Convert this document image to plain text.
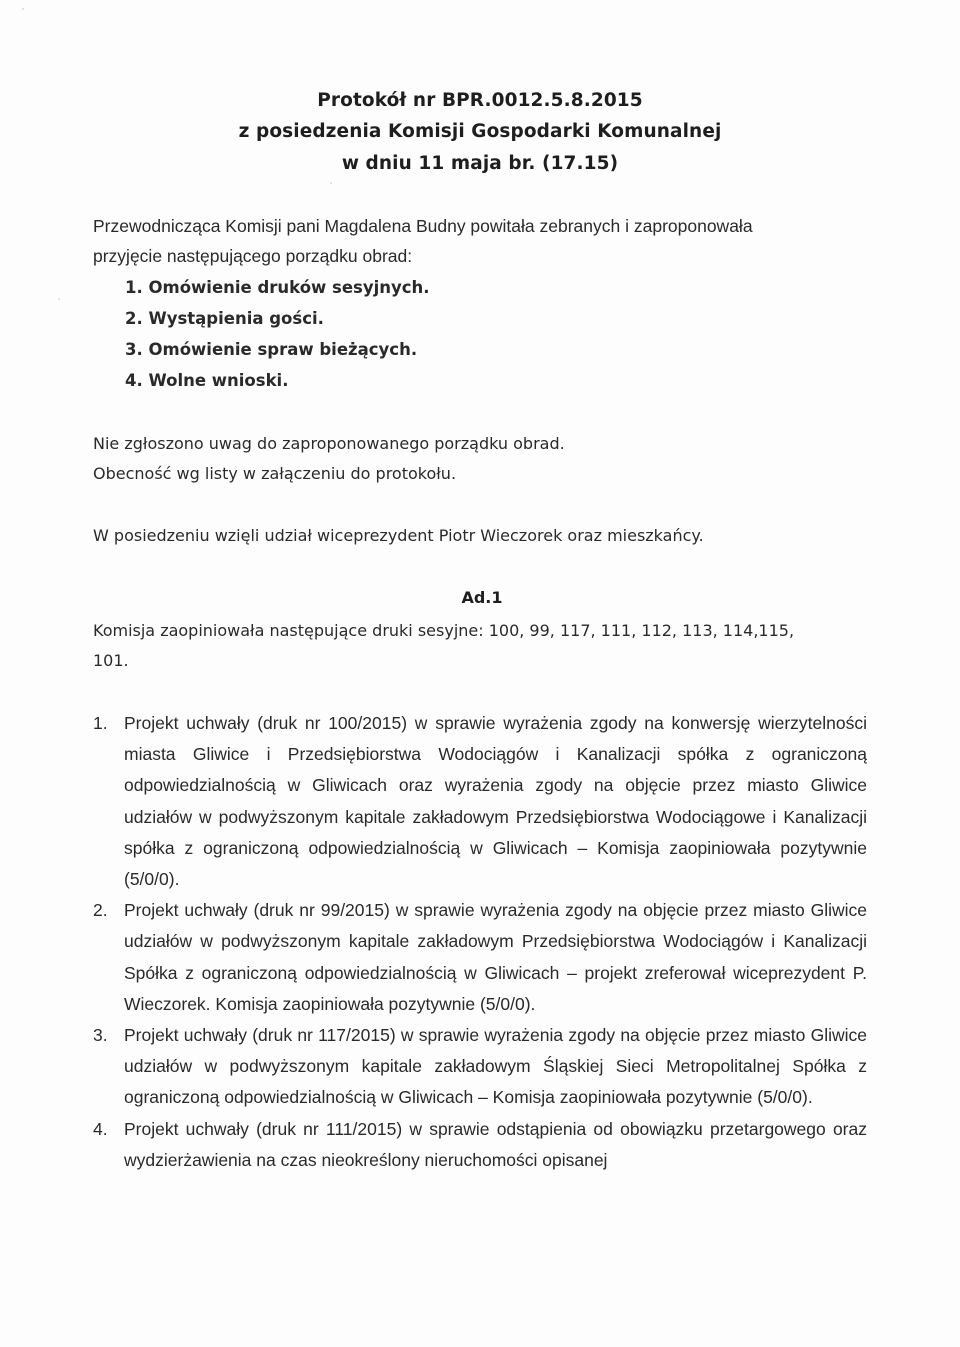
Protokół nr BPR.0012.5.8.2015
z posiedzenia Komisji Gospodarki Komunalnej
w dniu 11 maja br. (17.15)
Przewodnicząca Komisji pani Magdalena Budny powitała zebranych i zaproponowała
przyjęcie następującego porządku obrad:
1. Omówienie druków sesyjnych.
2. Wystąpienia gości.
3. Omówienie spraw bieżących.
4. Wolne wnioski.
Nie zgłoszono uwag do zaproponowanego porządku obrad.
Obecność wg listy w załączeniu do protokołu.
W posiedzeniu wzięli udział wiceprezydent Piotr Wieczorek oraz mieszkańcy.
Ad.1
Komisja zaopiniowała następujące druki sesyjne: 100, 99, 117, 111, 112, 113, 114,115,
101.
1. Projekt uchwały (druk nr 100/2015) w sprawie wyrażenia zgody na konwersję wierzytelności miasta Gliwice i Przedsiębiorstwa Wodociągów i Kanalizacji spółka z ograniczoną odpowiedzialnością w Gliwicach oraz wyrażenia zgody na objęcie przez miasto Gliwice udziałów w podwyższonym kapitale zakładowym Przedsiębiorstwa Wodociągowe i Kanalizacji spółka z ograniczoną odpowiedzialnością w Gliwicach – Komisja zaopiniowała pozytywnie (5/0/0).
2. Projekt uchwały (druk nr 99/2015) w sprawie wyrażenia zgody na objęcie przez miasto Gliwice udziałów w podwyższonym kapitale zakładowym Przedsiębiorstwa Wodociągów i Kanalizacji Spółka z ograniczoną odpowiedzialnością w Gliwicach – projekt zreferował wiceprezydent P. Wieczorek. Komisja zaopiniowała pozytywnie (5/0/0).
3. Projekt uchwały (druk nr 117/2015) w sprawie wyrażenia zgody na objęcie przez miasto Gliwice udziałów w podwyższonym kapitale zakładowym Śląskiej Sieci Metropolitalnej Spółka z ograniczoną odpowiedzialnością w Gliwicach – Komisja zaopiniowała pozytywnie (5/0/0).
4. Projekt uchwały (druk nr 111/2015) w sprawie odstąpienia od obowiązku przetargowego oraz wydzierżawienia na czas nieokreślony nieruchomości opisanej
